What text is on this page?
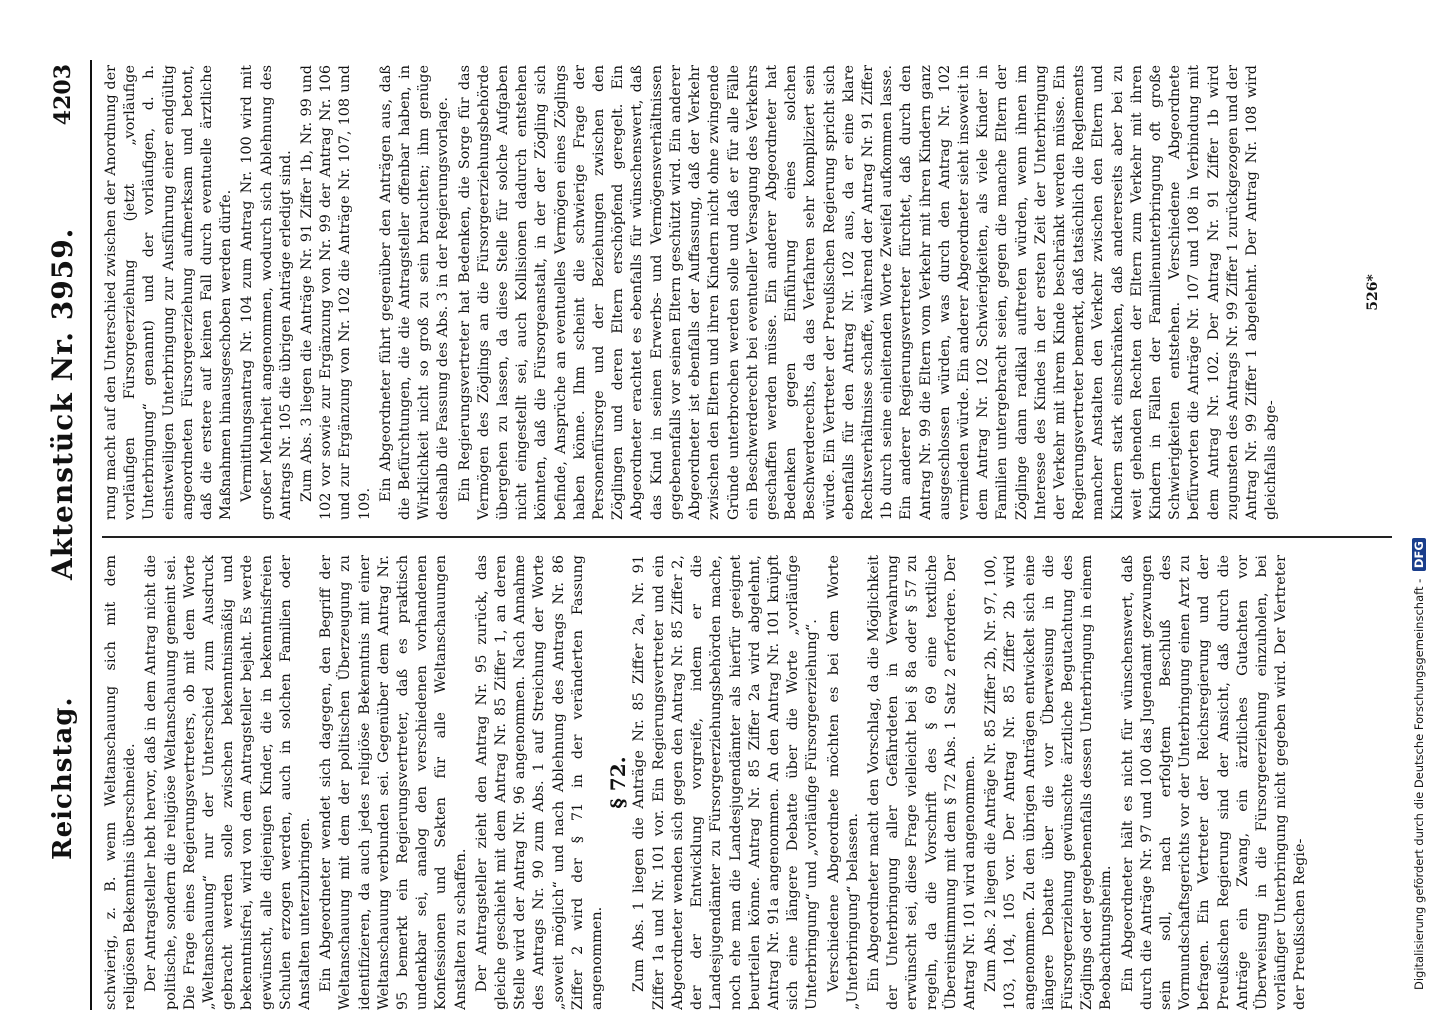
Reichstag.
Aktenstück Nr. 3959.
4203

schwierig, z. B. wenn Weltanschauung sich mit dem religiösen Bekenntnis überschneide. Der Antragsteller hebt hervor, daß in dem Antrag nicht die politische, sondern die religiöse Weltanschauung gemeint sei. Die Frage eines Regierungsvertreters, ob mit dem Worte „Weltanschauung“ nur der Unterschied zum Ausdruck gebracht werden solle zwischen bekenntnismäßig und bekenntnisfrei, wird von dem Antragsteller bejaht. Es werde gewünscht, alle diejenigen Kinder, die in bekenntnisfreien Schulen erzogen werden, auch in solchen Familien oder Anstalten unterzubringen. Ein Abgeordneter wendet sich dagegen, den Begriff der Weltanschauung mit dem der politischen Überzeugung zu identifizieren, da auch jedes religiöse Bekenntnis mit einer Weltanschauung verbunden sei. Gegenüber dem Antrag Nr. 95 bemerkt ein Regierungsvertreter, daß es praktisch undenkbar sei, analog den verschiedenen vorhandenen Konfessionen und Sekten für alle Weltanschauungen Anstalten zu schaffen. Der Antragsteller zieht den Antrag Nr. 95 zurück, das gleiche geschieht mit dem Antrag Nr. 85 Ziffer 1, an deren Stelle wird der Antrag Nr. 96 angenommen. Nach Annahme des Antrags Nr. 90 zum Abs. 1 auf Streichung der Worte „soweit möglich“ und nach Ablehnung des Antrags Nr. 86 Ziffer 2 wird der § 71 in der veränderten Fassung angenommen.

§ 72. Zum Abs. 1 liegen die Anträge Nr. 85 Ziffer 2a, Nr. 91 Ziffer 1a und Nr. 101 vor. Ein Regierungsvertreter und ein Abgeordneter wenden sich gegen den Antrag Nr. 85 Ziffer 2, der der Entwicklung vorgreife, indem er die Landesjugendämter zu Fürsorgeerziehungsbehörden mache, noch ehe man die Landesjugendämter als hierfür geeignet beurteilen könne. Antrag Nr. 85 Ziffer 2a wird abgelehnt, Antrag Nr. 91a angenommen. An den Antrag Nr. 101 knüpft sich eine längere Debatte über die Worte „vorläufige Unterbringung“ und „vorläufige Fürsorgeerziehung“. Verschiedene Abgeordnete möchten es bei dem Worte „Unterbringung“ belassen. Ein Abgeordneter macht den Vorschlag, da die Möglichkeit der Unterbringung aller Gefährdeten in Verwahrung erwünscht sei, diese Frage vielleicht bei § 8a oder § 57 zu regeln, da die Vorschrift des § 69 eine textliche Übereinstimmung mit dem § 72 Abs. 1 Satz 2 erfordere. Der Antrag Nr. 101 wird angenommen. Zum Abs. 2 liegen die Anträge Nr. 85 Ziffer 2b, Nr. 97, 100, 103, 104, 105 vor. Der Antrag Nr. 85 Ziffer 2b wird angenommen. Zu den übrigen Anträgen entwickelt sich eine längere Debatte über die vor Überweisung in die Fürsorgeerziehung gewünschte ärztliche Begutachtung des Zöglings oder gegebenenfalls dessen Unterbringung in einem Beobachtungsheim. Ein Abgeordneter hält es nicht für wünschenswert, daß durch die Anträge Nr. 97 und 100 das Jugendamt gezwungen sein soll, nach erfolgtem Beschluß des Vormundschaftsgerichts vor der Unterbringung einen Arzt zu befragen. Ein Vertreter der Reichsregierung und der Preußischen Regierung sind der Ansicht, daß durch die Anträge ein Zwang, ein ärztliches Gutachten vor Überweisung in die Fürsorgeerziehung einzuholen, bei vorläufiger Unterbringung nicht gegeben wird. Der Vertreter der Preußischen Regie-

rung macht auf den Unterschied zwischen der Anordnung der vorläufigen Fürsorgeerziehung (jetzt „vorläufige Unterbringung“ genannt) und der vorläufigen, d. h. einstweiligen Unterbringung zur Ausführung einer endgültig angeordneten Fürsorgeerziehung aufmerksam und betont, daß die erstere auf keinen Fall durch eventuelle ärztliche Maßnahmen hinausgeschoben werden dürfe. Vermittlungsantrag Nr. 104 zum Antrag Nr. 100 wird mit großer Mehrheit angenommen, wodurch sich Ablehnung des Antrags Nr. 105 die übrigen Anträge erledigt sind. Zum Abs. 3 liegen die Anträge Nr. 91 Ziffer 1b, Nr. 99 und 102 vor sowie zur Ergänzung von Nr. 99 der Antrag Nr. 106 und zur Ergänzung von Nr. 102 die Anträge Nr. 107, 108 und 109.

Ein Abgeordneter führt gegenüber den Anträgen aus, daß die Befürchtungen, die die Antragsteller offenbar haben, in Wirklichkeit nicht so groß zu sein brauchten; ihm genüge deshalb die Fassung des Abs. 3 in der Regierungsvorlage. Ein Regierungsvertreter hat Bedenken, die Sorge für das Vermögen des Zöglings an die Fürsorgeerziehungsbehörde übergehen zu lassen, da diese Stelle für solche Aufgaben nicht eingestellt sei, auch Kollisionen dadurch entstehen könnten, daß die Fürsorgeanstalt, in der der Zögling sich befinde, Ansprüche an eventuelles Vermögen eines Zöglings haben könne. Ihm scheint die schwierige Frage der Personenfürsorge und der Beziehungen zwischen den Zöglingen und deren Eltern erschöpfend geregelt. Ein Abgeordneter erachtet es ebenfalls für wünschenswert, daß das Kind in seinen Erwerbs- und Vermögensverhältnissen gegebenenfalls vor seinen Eltern geschützt wird. Ein anderer Abgeordneter ist ebenfalls der Auffassung, daß der Verkehr zwischen den Eltern und ihren Kindern nicht ohne zwingende Gründe unterbrochen werden solle und daß er für alle Fälle ein Beschwerderecht bei eventueller Versagung des Verkehrs geschaffen werden müsse. Ein anderer Abgeordneter hat Bedenken gegen Einführung eines solchen Beschwerderechts, da das Verfahren sehr kompliziert sein würde. Ein Vertreter der Preußischen Regierung spricht sich ebenfalls für den Antrag Nr. 102 aus, da er eine klare Rechtsverhältnisse schaffe, während der Antrag Nr. 91 Ziffer 1b durch seine einleitenden Worte Zweifel aufkommen lasse. Ein anderer Regierungsvertreter fürchtet, daß durch den Antrag Nr. 99 die Eltern vom Verkehr mit ihren Kindern ganz ausgeschlossen würden, was durch den Antrag Nr. 102 vermieden würde. Ein anderer Abgeordneter sieht insoweit in dem Antrag Nr. 102 Schwierigkeiten, als viele Kinder in Familien untergebracht seien, gegen die manche Eltern der Zöglinge dann radikal auftreten würden, wenn ihnen im Interesse des Kindes in der ersten Zeit der Unterbringung der Verkehr mit ihrem Kinde beschränkt werden müsse. Ein Regierungsvertreter bemerkt, daß tatsächlich die Reglements mancher Anstalten den Verkehr zwischen den Eltern und Kindern stark einschränken, daß andererseits aber bei zu weit gehenden Rechten der Eltern zum Verkehr mit ihren Kindern in Fällen der Familienunterbringung oft große Schwierigkeiten entstehen. Verschiedene Abgeordnete befürworten die Anträge Nr. 107 und 108 in Verbindung mit dem Antrag Nr. 102. Der Antrag Nr. 91 Ziffer 1b wird zugunsten des Antrags Nr. 99 Ziffer 1 zurückgezogen und der Antrag Nr. 99 Ziffer 1 abgelehnt. Der Antrag Nr. 108 wird gleichfalls abge-

526*
Digitalisierung gefördert durch die Deutsche Forschungsgemeinschaft - DFG
